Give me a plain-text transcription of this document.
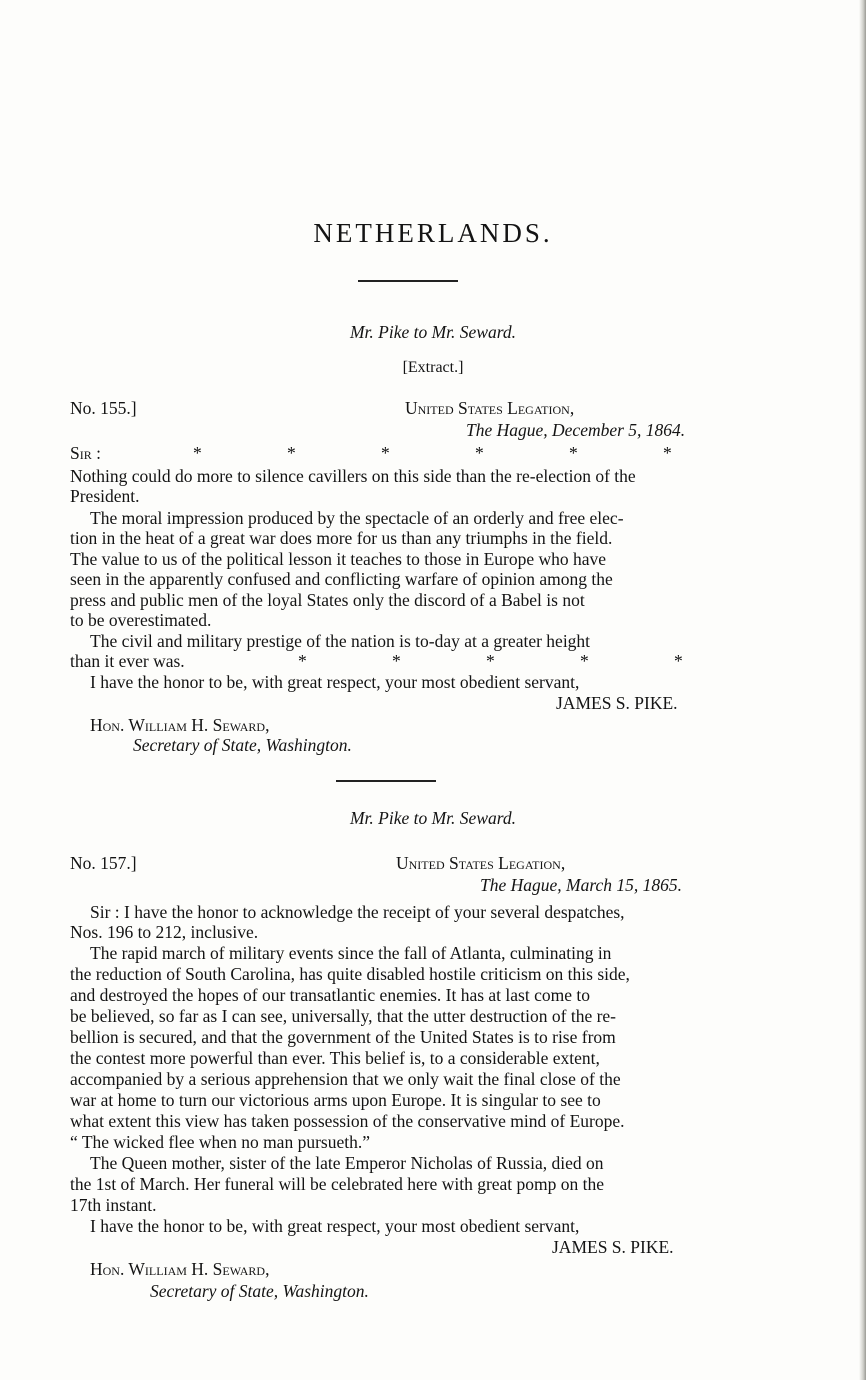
NETHERLANDS.
Mr. Pike to Mr. Seward.
[Extract.]
No. 155.]	United States Legation,
The Hague, December 5, 1864.
Sir :	*	*	*	*	*	*
Nothing could do more to silence cavillers on this side than the re-election of the
President.
The moral impression produced by the spectacle of an orderly and free elec-
tion in the heat of a great war does more for us than any triumphs in the field.
The value to us of the political lesson it teaches to those in Europe who have
seen in the apparently confused and conflicting warfare of opinion among the
press and public men of the loyal States only the discord of a Babel is not
to be overestimated.
The civil and military prestige of the nation is to-day at a greater height
than it ever was.	*	*	*	*	*
I have the honor to be, with great respect, your most obedient servant,
JAMES S. PIKE.
Hon. William H. Seward,
Secretary of State, Washington.
Mr. Pike to Mr. Seward.
No. 157.]	United States Legation,
The Hague, March 15, 1865.
Sir : I have the honor to acknowledge the receipt of your several despatches,
Nos. 196 to 212, inclusive.
The rapid march of military events since the fall of Atlanta, culminating in
the reduction of South Carolina, has quite disabled hostile criticism on this side,
and destroyed the hopes of our transatlantic enemies. It has at last come to
be believed, so far as I can see, universally, that the utter destruction of the re-
bellion is secured, and that the government of the United States is to rise from
the contest more powerful than ever. This belief is, to a considerable extent,
accompanied by a serious apprehension that we only wait the final close of the
war at home to turn our victorious arms upon Europe. It is singular to see to
what extent this view has taken possession of the conservative mind of Europe.
“ The wicked flee when no man pursueth.”
The Queen mother, sister of the late Emperor Nicholas of Russia, died on
the 1st of March. Her funeral will be celebrated here with great pomp on the
17th instant.
I have the honor to be, with great respect, your most obedient servant,
JAMES S. PIKE.
Hon. William H. Seward,
Secretary of State, Washington.
